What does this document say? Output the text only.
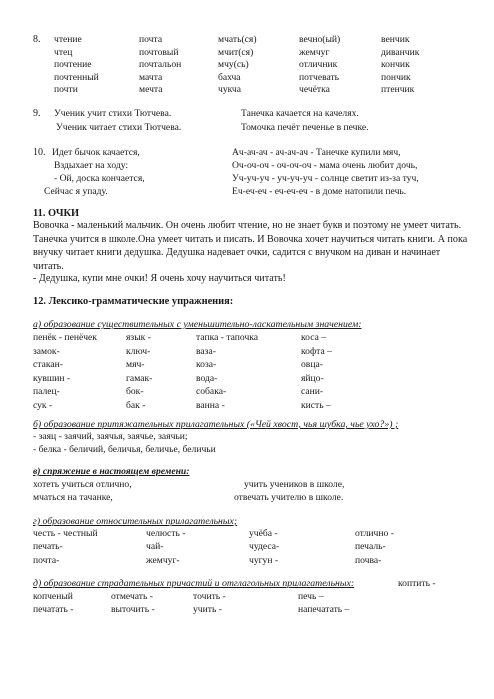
8. чтение
чтец
почтение
почтенный
почти
почта
почтовый
почтальон
мачта
мечта
мчать(ся)
мчит(ся)
мчу(сь)
бахча
чукча
вечно(ый)
жемчуг
отличник
потчевать
чечётка
венчик
диванчик
кончик
пончик
птенчик
9. Ученик учит стихи Тютчева.
Ученик читает стихи Тютчева.
Танечка качается на качелях.
Томочка печёт печенье в печке.
10. Идет бычок качается,
Вздыхает на ходу:
- Ой, доска кончается,
Сейчас я упаду.
Ач-ач-ач - ач-ач-ач - Танечке купили мяч,
Оч-оч-оч - оч-оч-оч - мама очень любит дочь,
Уч-уч-уч - уч-уч-уч - солнце светит из-за туч,
Еч-еч-еч - еч-еч-еч - в доме натопили печь.
11. ОЧКИ
Вовочка - маленький мальчик. Он очень любит чтение, но не знает букв и поэтому не умеет читать. Танечка учится в школе.Она умеет читать и писать. И Вовочка хочет научиться читать книги. А пока внучку читает книги дедушка. Дедушка надевает очки, садится с внучком на диван и начинает читать.
- Дедушка, купи мне очки! Я очень хочу научиться читать!
12. Лексико-грамматические упражнения:
а) образование существительных с уменьшительно-ласкательным значением:
пенёк - пенёчек
замок-
стакан-
кувшин -
палец-
сук -
язык -
ключ-
мяч-
гамак-
бок-
бак -
тапка - тапочка
ваза-
коза-
вода-
собака-
ванна -
коса –
кофта –
овца-
яйцо-
сани-
кисть –
б) образование притяжательных прилагательных («Чей хвост, чья шубка, чье ухо?») ;
- заяц - заячий, заячья, заячье, заячьи;
- белка - беличий, беличья, беличье, беличьи
в) спряжение в настоящем времени:
хотеть учиться отлично,
мчаться на тачанке,
учить учеников в школе,
отвечать учителю в школе.
г) образование относительных прилагательных;
честь - честный
печать-
почта-
челюсть -
чай-
жемчуг-
учёба -
чудеса-
чугун -
отлично -
печаль-
почва-
д) образование страдательных причастий и отглагольных прилагательных:	коптить -
копченый
печатать -
отмечать -
выточить -
точить -
учить -
печь –
напечатать –
